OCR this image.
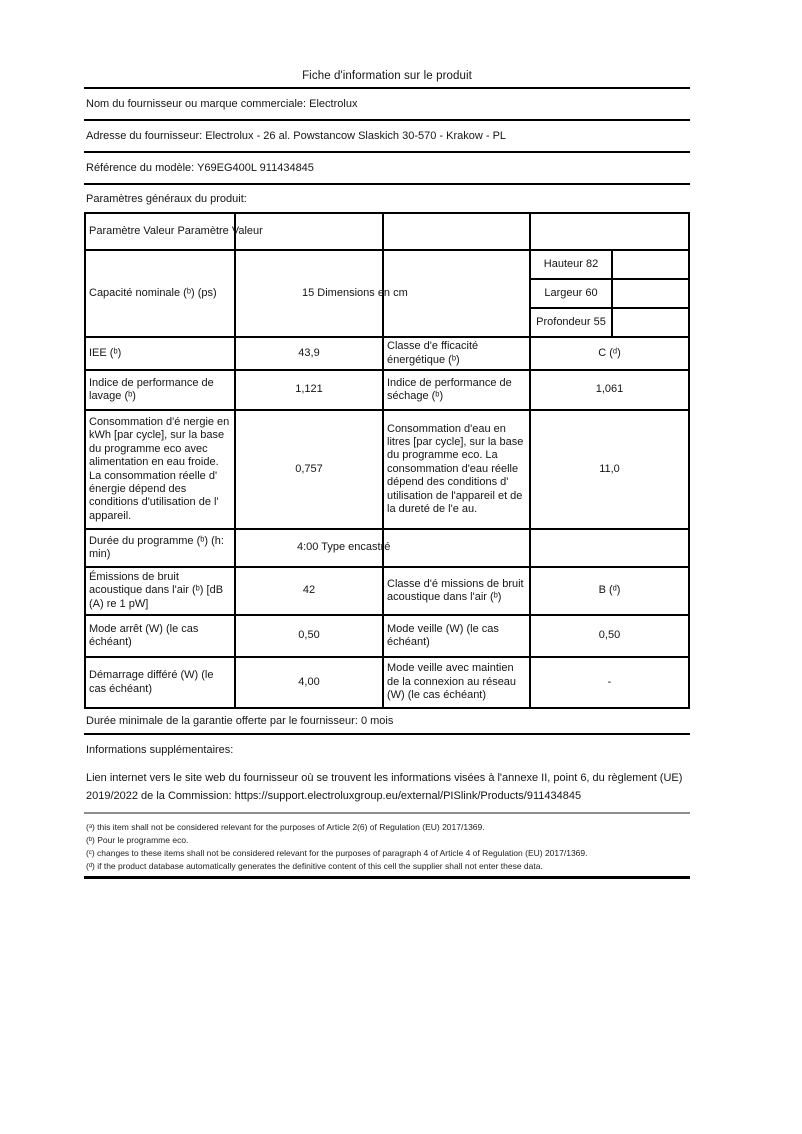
Fiche d'information sur le produit
Nom du fournisseur ou marque commerciale: Electrolux
Adresse du fournisseur: Electrolux - 26 al. Powstancow Slaskich 30-570 - Krakow - PL
Référence du modèle: Y69EG400L 911434845
Paramètres généraux du produit:
Paramètre Valeur Paramètre Valeur
Capacité nominale (ᵇ) (ps)	15 Dimensions en cm
Hauteur 82
Largeur 60
Profondeur 55
IEE (ᵇ)	43,9
Classe d'e fficacité énergétique (ᵇ)
C (ᵈ)
Indice de performance de lavage (ᵇ)
1,121
Indice de performance de séchage (ᵇ)
1,061
Consommation d'é nergie en kWh [par cycle], sur la base du programme eco avec alimentation en eau froide. La consommation réelle d' énergie dépend des conditions d'utilisation de l' appareil.
0,757
Consommation d'eau en litres [par cycle], sur la base du programme eco. La consommation d'eau réelle dépend des conditions d' utilisation de l'appareil et de la dureté de l'e au.
11,0
Durée du programme (ᵇ) (h: min)
4:00 Type encastré
Émissions de bruit acoustique dans l'air (ᵇ) [dB (A) re 1 pW]
42
Classe d'é missions de bruit acoustique dans l'air (ᵇ)
B (ᵈ)
Mode arrêt (W) (le cas échéant)
0,50
Mode veille (W) (le cas échéant)
0,50
Démarrage différé (W) (le cas échéant)
4,00
Mode veille avec maintien de la connexion au réseau (W) (le cas échéant)
-
Durée minimale de la garantie offerte par le fournisseur: 0 mois
Informations supplémentaires:
Lien internet vers le site web du fournisseur où se trouvent les informations visées à l'annexe II, point 6, du règlement (UE) 2019/2022 de la Commission: https://support.electroluxgroup.eu/external/PISlink/Products/911434845
(ᵃ) this item shall not be considered relevant for the purposes of Article 2(6) of Regulation (EU) 2017/1369.
(ᵇ) Pour le programme eco.
(ᶜ) changes to these items shall not be considered relevant for the purposes of paragraph 4 of Article 4 of Regulation (EU) 2017/1369.
(ᵈ) if the product database automatically generates the definitive content of this cell the supplier shall not enter these data.
